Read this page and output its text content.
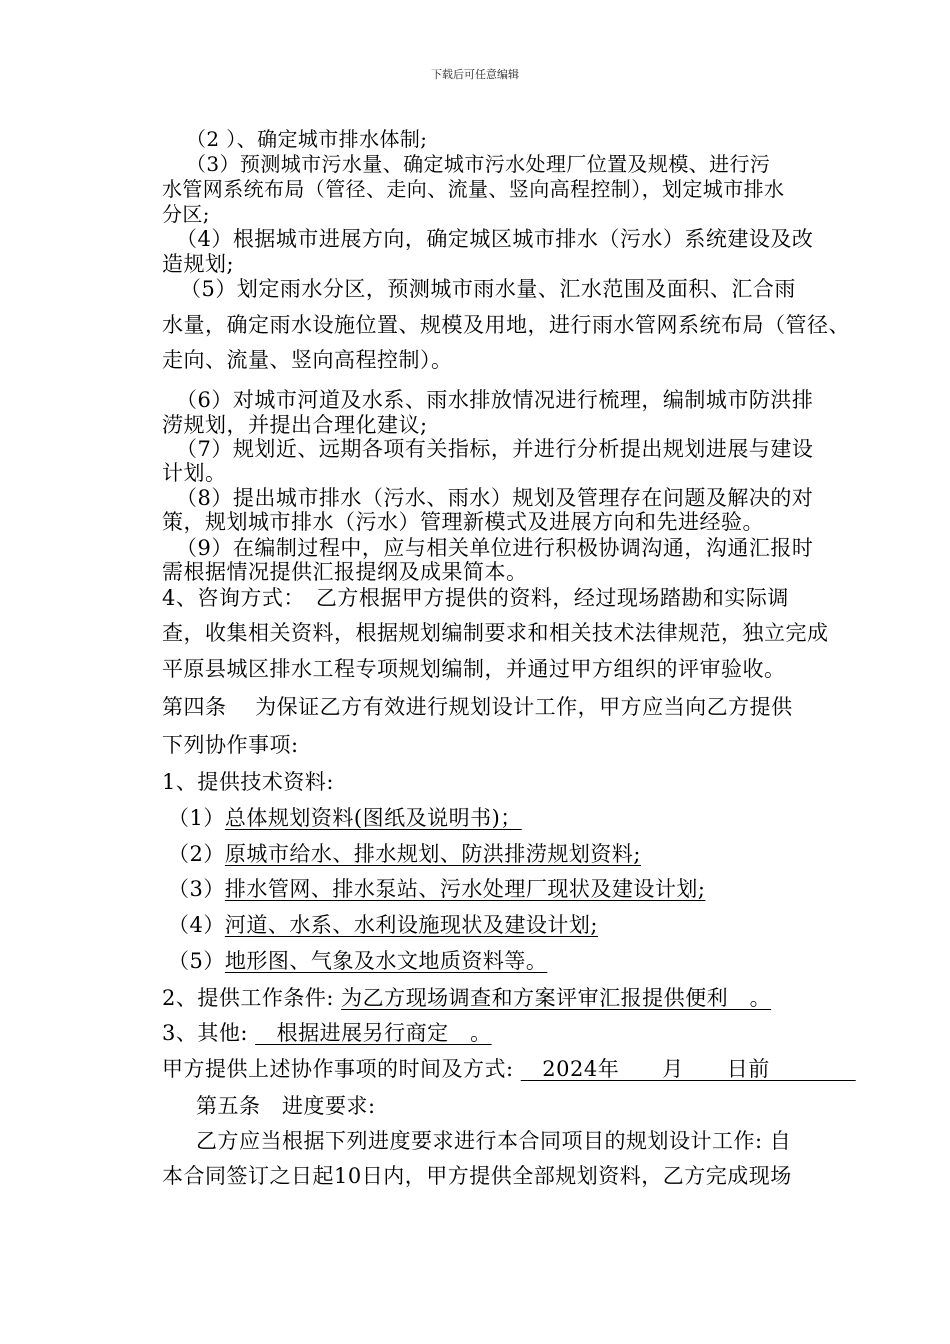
下载后可任意编辑
（2 ）、确定城市排水体制;
（3）预测城市污水量、确定城市污水处理厂位置及规模、进行污
水管网系统布局（管径、走向、流量、竖向高程控制），划定城市排水
分区;
（4）根据城市进展方向，确定城区城市排水（污水）系统建设及改
造规划;
（5）划定雨水分区，预测城市雨水量、汇水范围及面积、汇合雨
水量，确定雨水设施位置、规模及用地，进行雨水管网系统布局（管径、
走向、流量、竖向高程控制）。
（6）对城市河道及水系、雨水排放情况进行梳理，编制城市防洪排
涝规划，并提出合理化建议;
（7）规划近、远期各项有关指标，并进行分析提出规划进展与建设
计划。
（8）提出城市排水（污水、雨水）规划及管理存在问题及解决的对
策，规划城市排水（污水）管理新模式及进展方向和先进经验。
（9）在编制过程中，应与相关单位进行积极协调沟通，沟通汇报时
需根据情况提供汇报提纲及成果简本。
4、咨询方式：　乙方根据甲方提供的资料，经过现场踏勘和实际调
查，收集相关资料，根据规划编制要求和相关技术法律规范，独立完成
平原县城区排水工程专项规划编制，并通过甲方组织的评审验收。
第四条　 为保证乙方有效进行规划设计工作，甲方应当向乙方提供
下列协作事项:
1、提供技术资料:
（1）总体规划资料(图纸及说明书)；
（2）原城市给水、排水规划、防洪排涝规划资料;
（3）排水管网、排水泵站、污水处理厂现状及建设计划;
（4）河道、水系、水利设施现状及建设计划;
（5）地形图、气象及水文地质资料等。
2、提供工作条件: 为乙方现场调查和方案评审汇报提供便利　。
3、其他: 　根据进展另行商定　。
甲方提供上述协作事项的时间及方式: 　2024年　　月　　日前　　　　
第五条　进度要求:
乙方应当根据下列进度要求进行本合同项目的规划设计工作: 自
本合同签订之日起10日内，甲方提供全部规划资料，乙方完成现场
